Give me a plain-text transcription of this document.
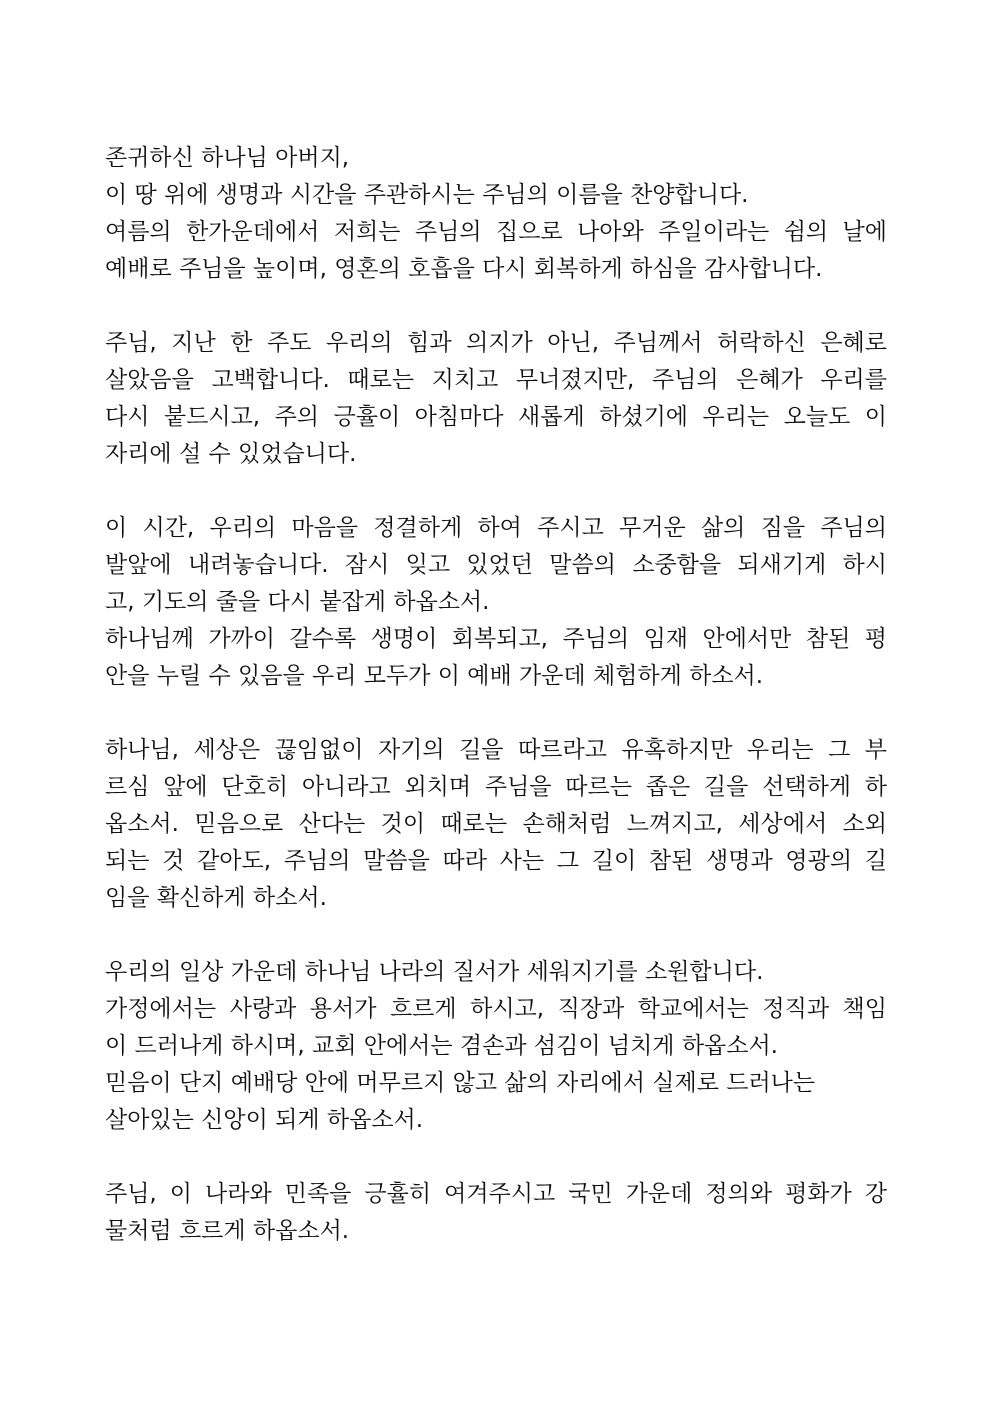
존귀하신 하나님 아버지,
이 땅 위에 생명과 시간을 주관하시는 주님의 이름을 찬양합니다.
여름의 한가운데에서 저희는 주님의 집으로 나아와 주일이라는 쉼의 날에
예배로 주님을 높이며, 영혼의 호흡을 다시 회복하게 하심을 감사합니다.
주님, 지난 한 주도 우리의 힘과 의지가 아닌, 주님께서 허락하신 은혜로
살았음을 고백합니다. 때로는 지치고 무너졌지만, 주님의 은혜가 우리를
다시 붙드시고, 주의 긍휼이 아침마다 새롭게 하셨기에 우리는 오늘도 이
자리에 설 수 있었습니다.
이 시간, 우리의 마음을 정결하게 하여 주시고 무거운 삶의 짐을 주님의
발앞에 내려놓습니다. 잠시 잊고 있었던 말씀의 소중함을 되새기게 하시
고, 기도의 줄을 다시 붙잡게 하옵소서.
하나님께 가까이 갈수록 생명이 회복되고, 주님의 임재 안에서만 참된 평
안을 누릴 수 있음을 우리 모두가 이 예배 가운데 체험하게 하소서.
하나님, 세상은 끊임없이 자기의 길을 따르라고 유혹하지만 우리는 그 부
르심 앞에 단호히 아니라고 외치며 주님을 따르는 좁은 길을 선택하게 하
옵소서. 믿음으로 산다는 것이 때로는 손해처럼 느껴지고, 세상에서 소외
되는 것 같아도, 주님의 말씀을 따라 사는 그 길이 참된 생명과 영광의 길
임을 확신하게 하소서.
우리의 일상 가운데 하나님 나라의 질서가 세워지기를 소원합니다.
가정에서는 사랑과 용서가 흐르게 하시고, 직장과 학교에서는 정직과 책임
이 드러나게 하시며, 교회 안에서는 겸손과 섬김이 넘치게 하옵소서.
믿음이 단지 예배당 안에 머무르지 않고 삶의 자리에서 실제로 드러나는
살아있는 신앙이 되게 하옵소서.
주님, 이 나라와 민족을 긍휼히 여겨주시고 국민 가운데 정의와 평화가 강
물처럼 흐르게 하옵소서.
